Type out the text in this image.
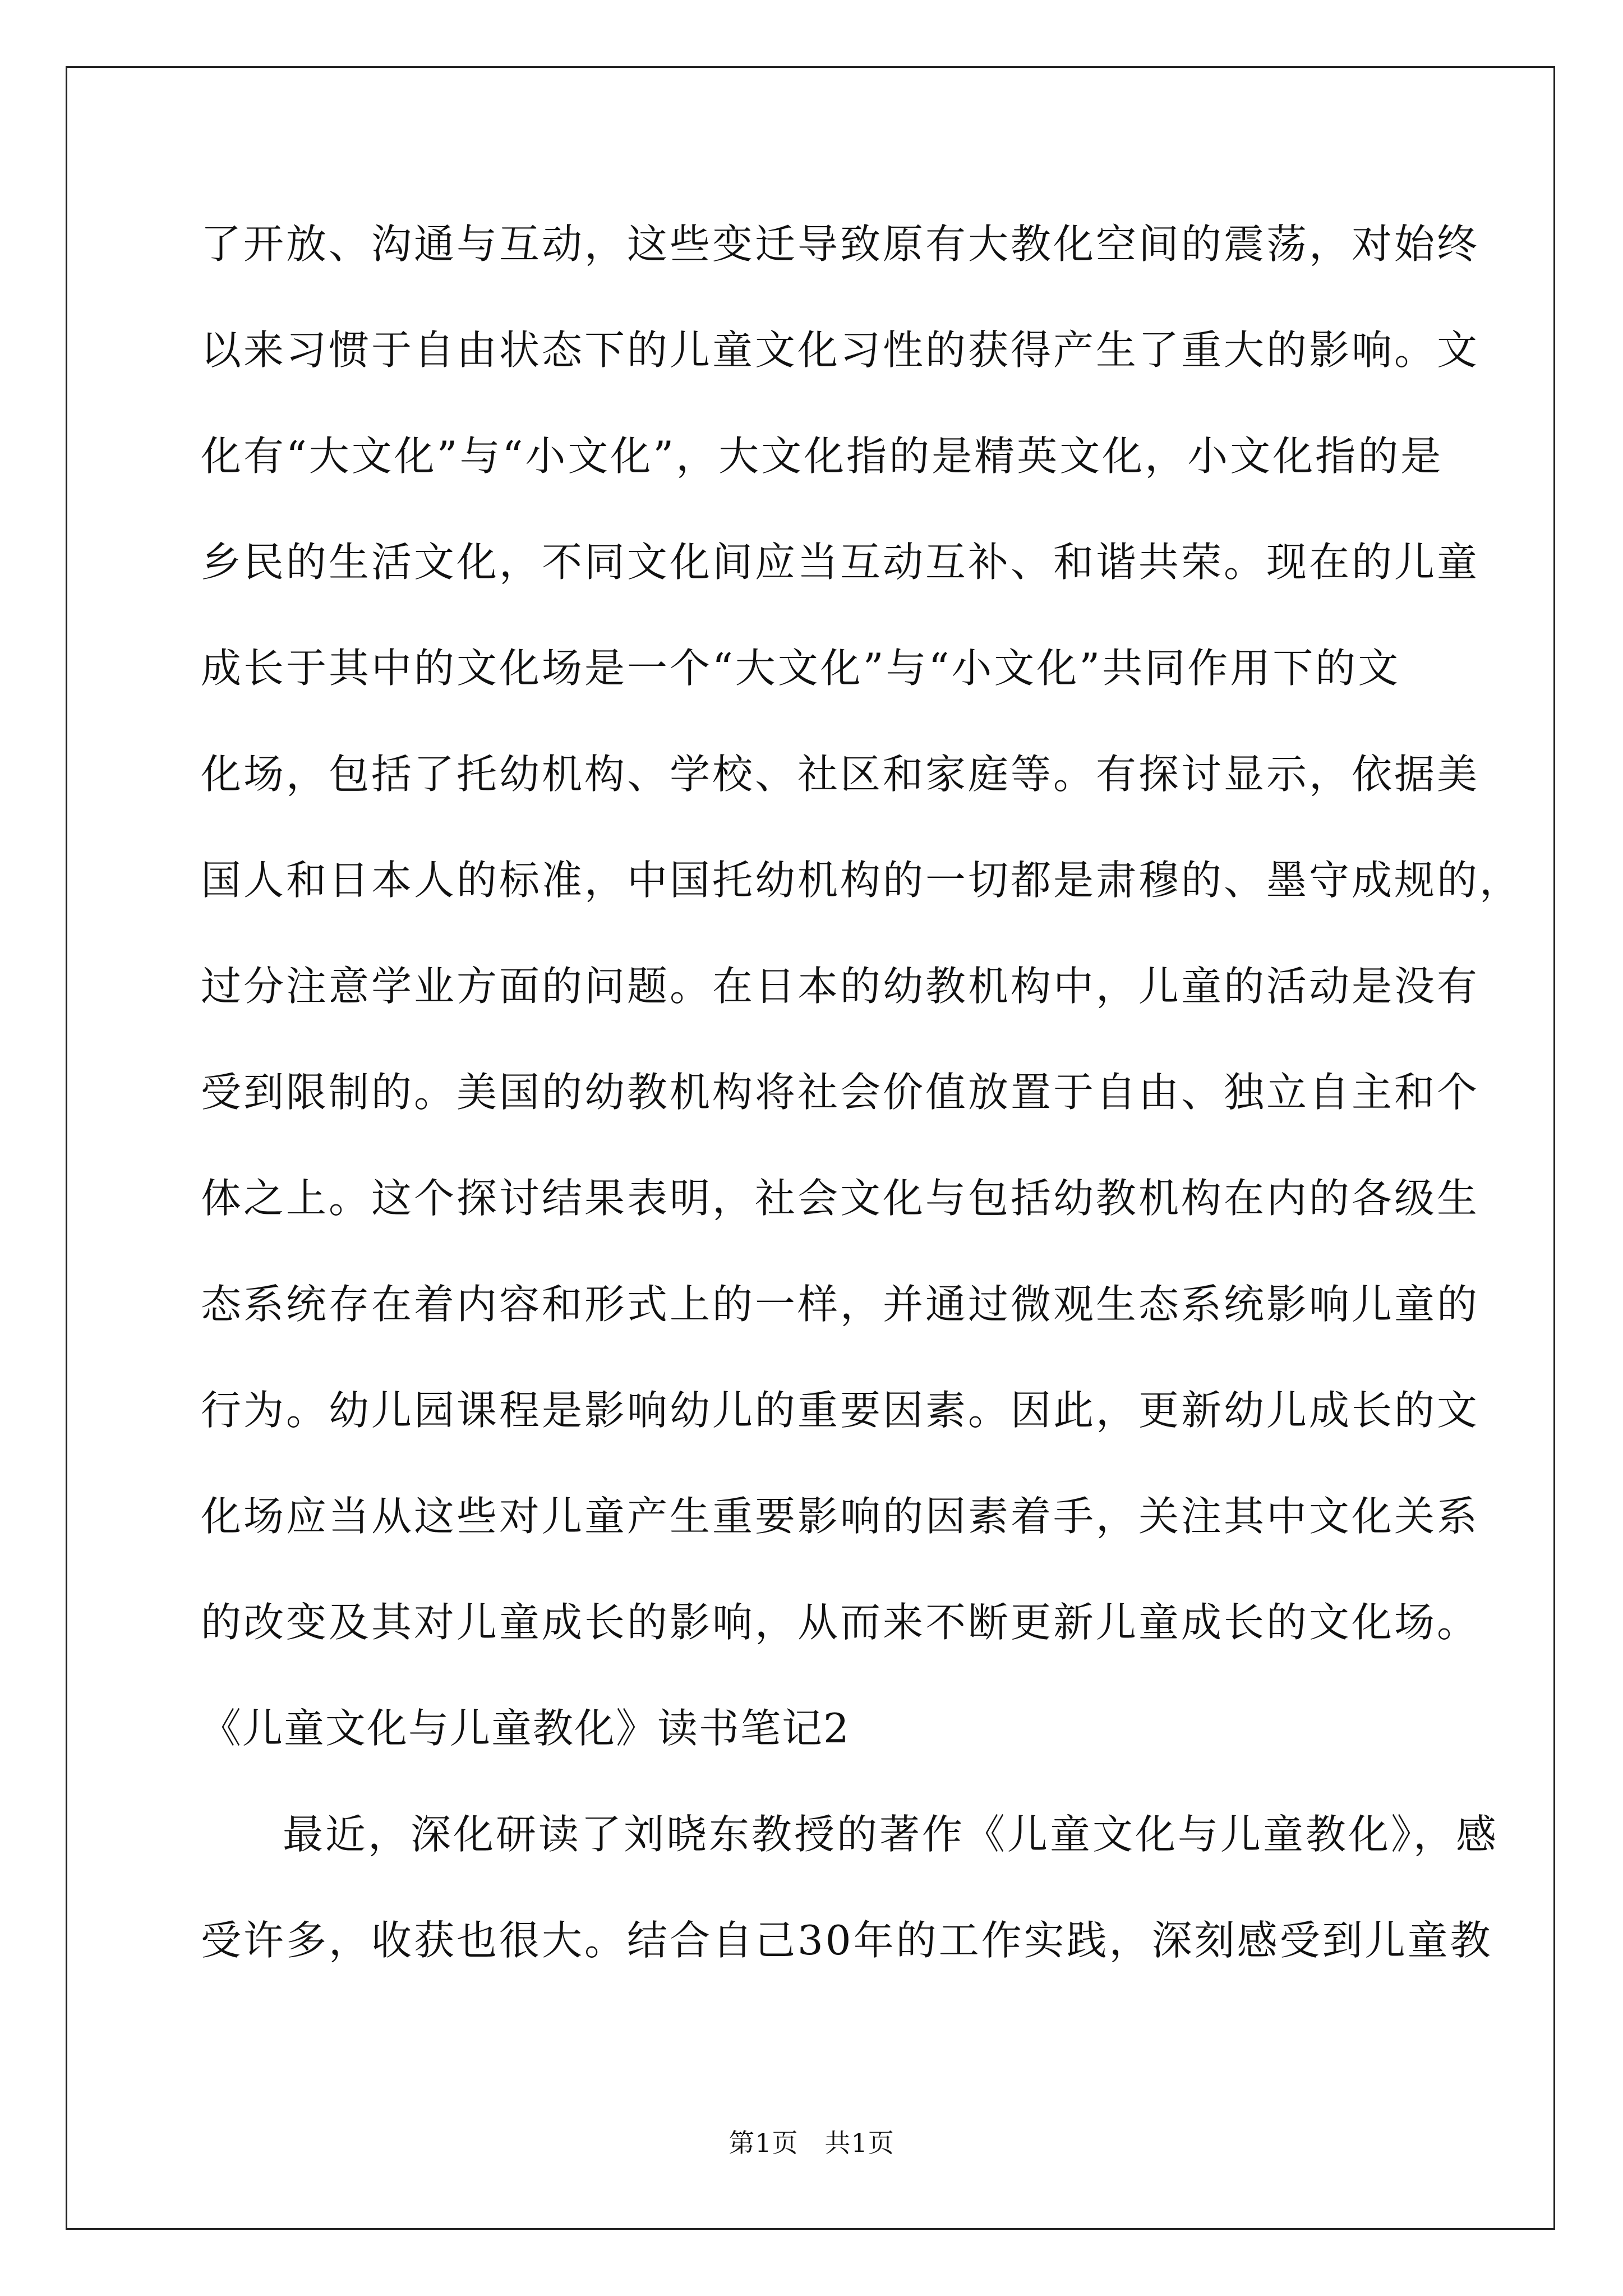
了开放、沟通与互动，这些变迁导致原有大教化空间的震荡，对始终
以来习惯于自由状态下的儿童文化习性的获得产生了重大的影响。文
化有“大文化”与“小文化”，大文化指的是精英文化，小文化指的是
乡民的生活文化，不同文化间应当互动互补、和谐共荣。现在的儿童
成长于其中的文化场是一个“大文化”与“小文化”共同作用下的文
化场，包括了托幼机构、学校、社区和家庭等。有探讨显示，依据美
国人和日本人的标准，中国托幼机构的一切都是肃穆的、墨守成规的，
过分注意学业方面的问题。在日本的幼教机构中，儿童的活动是没有
受到限制的。美国的幼教机构将社会价值放置于自由、独立自主和个
体之上。这个探讨结果表明，社会文化与包括幼教机构在内的各级生
态系统存在着内容和形式上的一样，并通过微观生态系统影响儿童的
行为。幼儿园课程是影响幼儿的重要因素。因此，更新幼儿成长的文
化场应当从这些对儿童产生重要影响的因素着手，关注其中文化关系
的改变及其对儿童成长的影响，从而来不断更新儿童成长的文化场。
《儿童文化与儿童教化》读书笔记2
最近，深化研读了刘晓东教授的著作《儿童文化与儿童教化》，感
受许多，收获也很大。结合自己30年的工作实践，深刻感受到儿童教
第1页　共1页
